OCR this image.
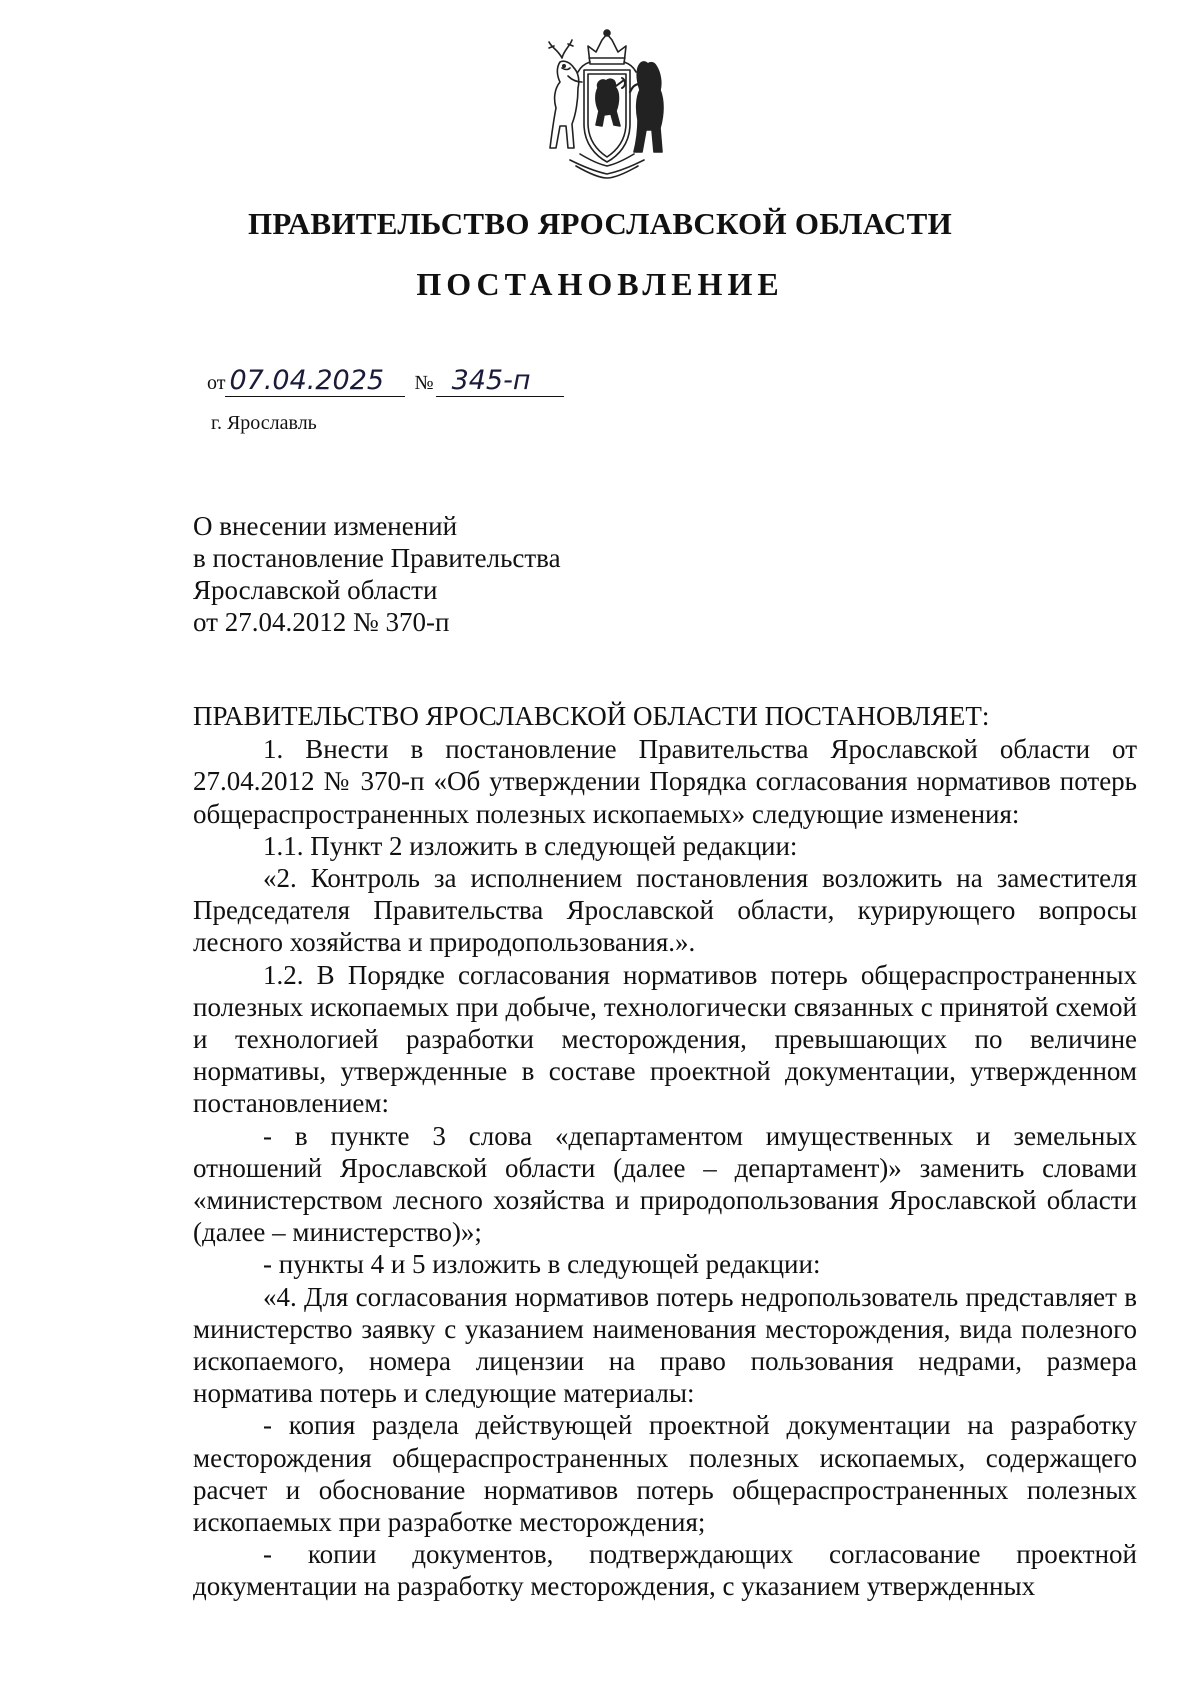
ПРАВИТЕЛЬСТВО ЯРОСЛАВСКОЙ ОБЛАСТИ
ПОСТАНОВЛЕНИЕ
от 07.04.2025 № 345-п
г. Ярославль
О внесении изменений
в постановление Правительства
Ярославской области
от 27.04.2012 № 370-п

ПРАВИТЕЛЬСТВО ЯРОСЛАВСКОЙ ОБЛАСТИ ПОСТАНОВЛЯЕТ:

1. Внести в постановление Правительства Ярославской области от 27.04.2012 № 370-п «Об утверждении Порядка согласования нормативов потерь общераспространенных полезных ископаемых» следующие изменения:

1.1. Пункт 2 изложить в следующей редакции:

«2. Контроль за исполнением постановления возложить на заместителя Председателя Правительства Ярославской области, курирующего вопросы лесного хозяйства и природопользования.».

1.2. В Порядке согласования нормативов потерь общераспространенных полезных ископаемых при добыче, технологически связанных с принятой схемой и технологией разработки месторождения, превышающих по величине нормативы, утвержденные в составе проектной документации, утвержденном постановлением:

- в пункте 3 слова «департаментом имущественных и земельных отношений Ярославской области (далее – департамент)» заменить словами «министерством лесного хозяйства и природопользования Ярославской области (далее – министерство)»;

- пункты 4 и 5 изложить в следующей редакции:

«4. Для согласования нормативов потерь недропользователь представляет в министерство заявку с указанием наименования месторождения, вида полезного ископаемого, номера лицензии на право пользования недрами, размера норматива потерь и следующие материалы:

- копия раздела действующей проектной документации на разработку месторождения общераспространенных полезных ископаемых, содержащего расчет и обоснование нормативов потерь общераспространенных полезных ископаемых при разработке месторождения;

- копии документов, подтверждающих согласование проектной документации на разработку месторождения, с указанием утвержденных
